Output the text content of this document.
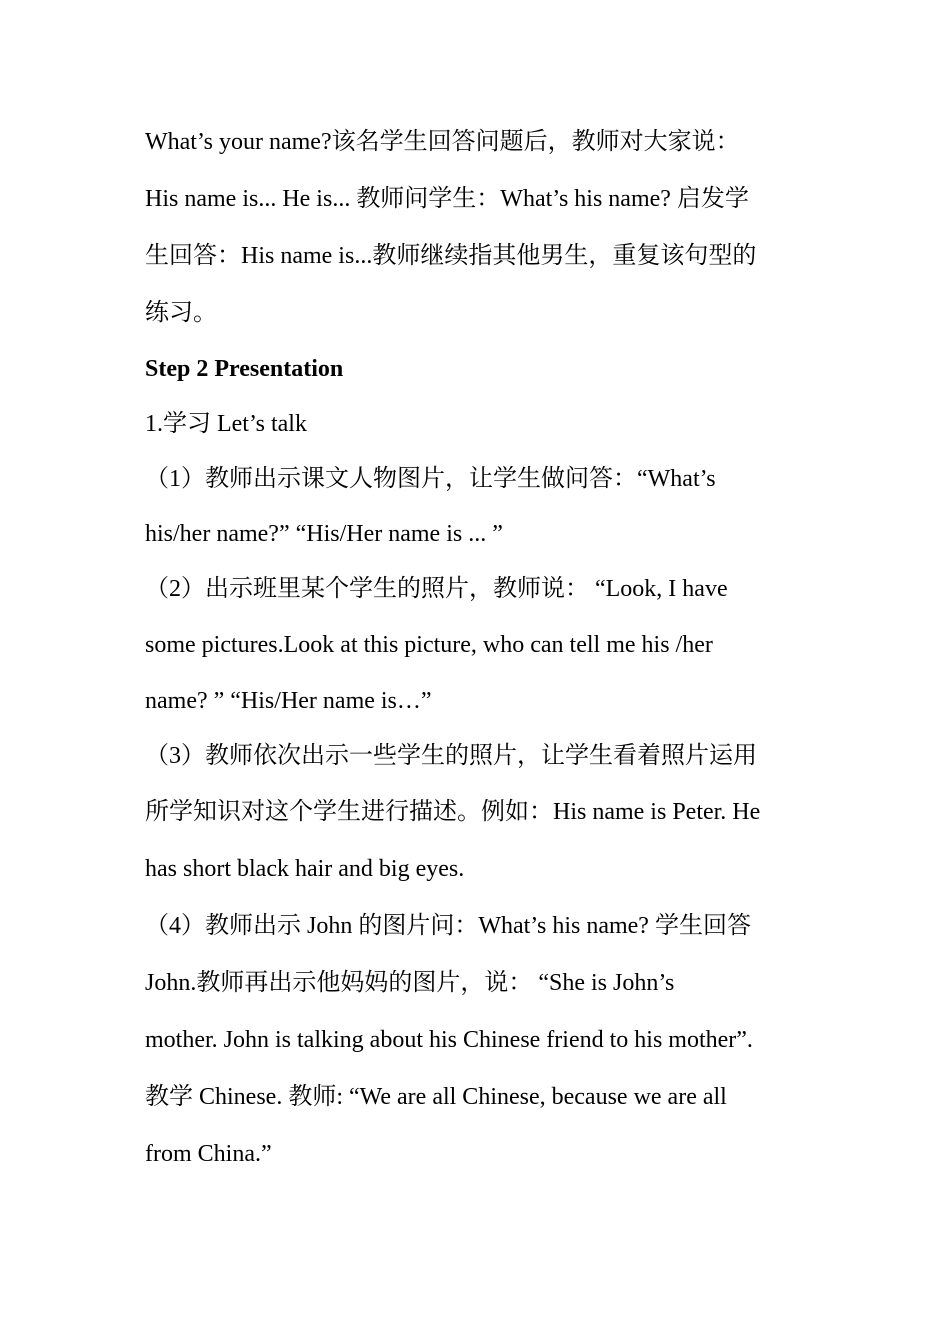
What’s your name?该名学生回答问题后，教师对大家说：
His name is... He is... 教师问学生：What’s his name? 启发学
生回答：His name is...教师继续指其他男生，重复该句型的
练习。
Step 2 Presentation
1.学习 Let’s talk
（1）教师出示课文人物图片，让学生做问答：“What’s
his/her name?” “His/Her name is ... ”
（2）出示班里某个学生的照片，教师说： “Look, I have
some pictures.Look at this picture, who can tell me his /her
name? ” “His/Her name is…”
（3）教师依次出示一些学生的照片，让学生看着照片运用
所学知识对这个学生进行描述。例如：His name is Peter. He
has short black hair and big eyes.
（4）教师出示 John 的图片问：What’s his name? 学生回答
John.教师再出示他妈妈的图片，说： “She is John’s
mother. John is talking about his Chinese friend to his mother”.
教学 Chinese. 教师: “We are all Chinese, because we are all
from China.”
